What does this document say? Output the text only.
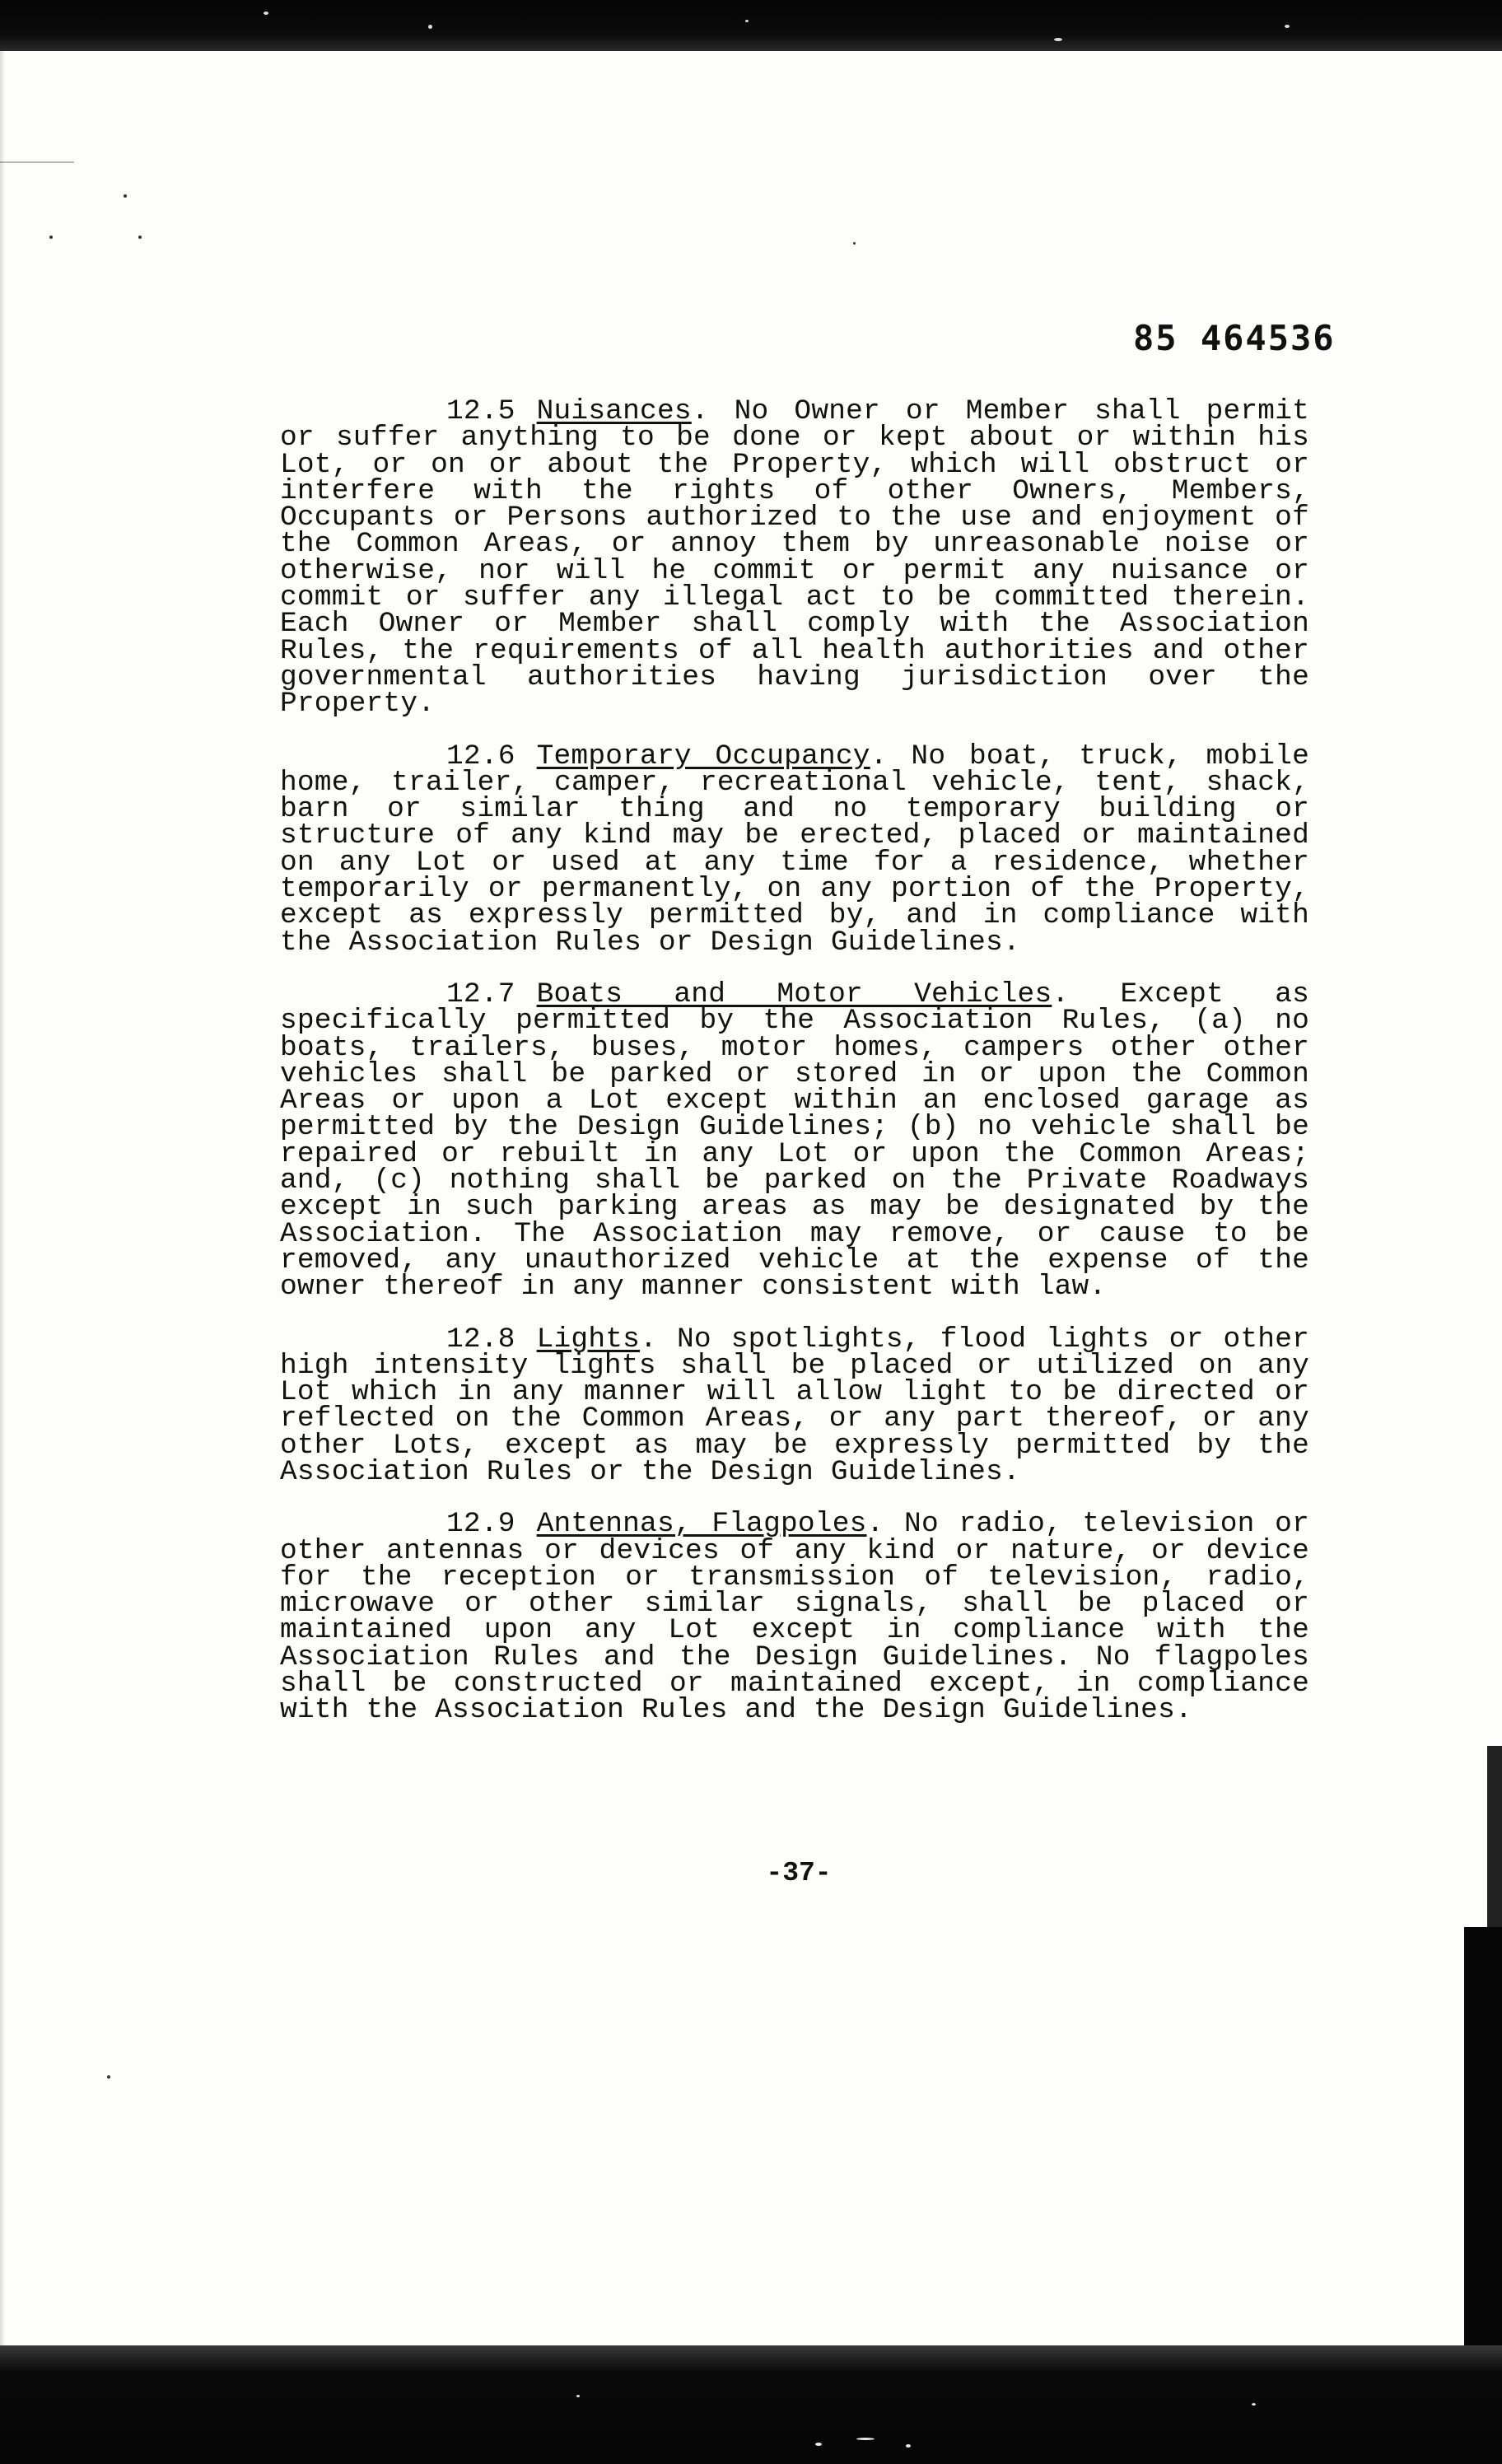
85 464536

12.5 Nuisances. No Owner or Member shall permit or suffer anything to be done or kept about or within his Lot, or on or about the Property, which will obstruct or interfere with the rights of other Owners, Members, Occupants or Persons authorized to the use and enjoyment of the Common Areas, or annoy them by unreasonable noise or otherwise, nor will he commit or permit any nuisance or commit or suffer any illegal act to be committed therein. Each Owner or Member shall comply with the Association Rules, the requirements of all health authorities and other governmental authorities having jurisdiction over the Property.

12.6 Temporary Occupancy. No boat, truck, mobile home, trailer, camper, recreational vehicle, tent, shack, barn or similar thing and no temporary building or structure of any kind may be erected, placed or maintained on any Lot or used at any time for a residence, whether temporarily or permanently, on any portion of the Property, except as expressly permitted by, and in compliance with the Association Rules or Design Guidelines.

12.7 Boats and Motor Vehicles. Except as specifically permitted by the Association Rules, (a) no boats, trailers, buses, motor homes, campers other other vehicles shall be parked or stored in or upon the Common Areas or upon a Lot except within an enclosed garage as permitted by the Design Guidelines; (b) no vehicle shall be repaired or rebuilt in any Lot or upon the Common Areas; and, (c) nothing shall be parked on the Private Roadways except in such parking areas as may be designated by the Association. The Association may remove, or cause to be removed, any unauthorized vehicle at the expense of the owner thereof in any manner consistent with law.

12.8 Lights. No spotlights, flood lights or other high intensity lights shall be placed or utilized on any Lot which in any manner will allow light to be directed or reflected on the Common Areas, or any part thereof, or any other Lots, except as may be expressly permitted by the Association Rules or the Design Guidelines.

12.9 Antennas, Flagpoles. No radio, television or other antennas or devices of any kind or nature, or device for the reception or transmission of television, radio, microwave or other similar signals, shall be placed or maintained upon any Lot except in compliance with the Association Rules and the Design Guidelines. No flagpoles shall be constructed or maintained except, in compliance with the Association Rules and the Design Guidelines.

-37-
